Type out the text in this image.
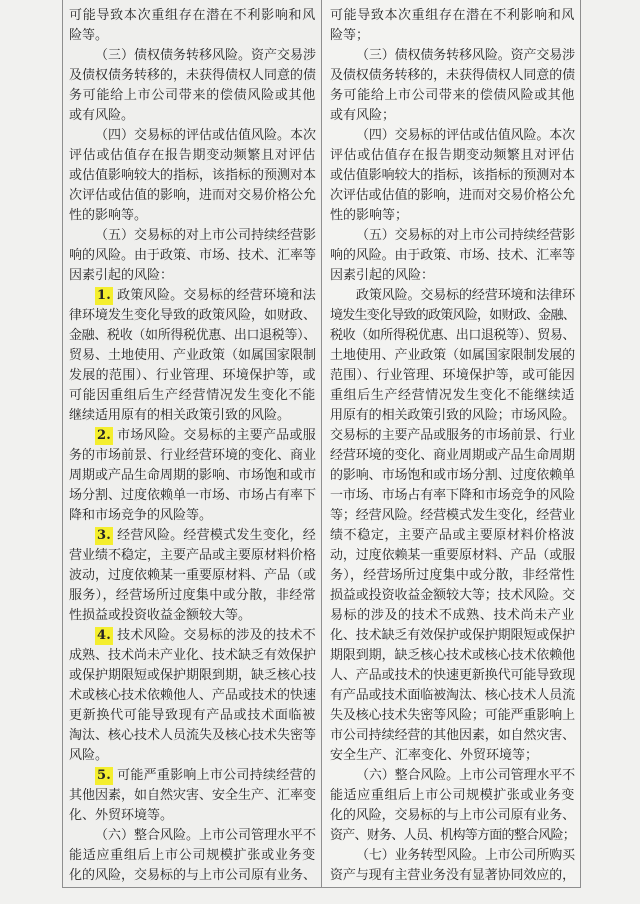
可能导致本次重组存在潜在不利影响和风
险等。
（三）债权债务转移风险。资产交易涉
及债权债务转移的，未获得债权人同意的债
务可能给上市公司带来的偿债风险或其他
或有风险。
（四）交易标的评估或估值风险。本次
评估或估值存在报告期变动频繁且对评估
或估值影响较大的指标，该指标的预测对本
次评估或估值的影响，进而对交易价格公允
性的影响等。
（五）交易标的对上市公司持续经营影
响的风险。由于政策、市场、技术、汇率等
因素引起的风险：
1. 政策风险。交易标的经营环境和法
律环境发生变化导致的政策风险，如财政、
金融、税收（如所得税优惠、出口退税等）、
贸易、土地使用、产业政策（如属国家限制
发展的范围）、行业管理、环境保护等，或
可能因重组后生产经营情况发生变化不能
继续适用原有的相关政策引致的风险。
2. 市场风险。交易标的主要产品或服
务的市场前景、行业经营环境的变化、商业
周期或产品生命周期的影响、市场饱和或市
场分割、过度依赖单一市场、市场占有率下
降和市场竞争的风险等。
3. 经营风险。经营模式发生变化，经
营业绩不稳定，主要产品或主要原材料价格
波动，过度依赖某一重要原材料、产品（或
服务），经营场所过度集中或分散，非经常
性损益或投资收益金额较大等。
4. 技术风险。交易标的涉及的技术不
成熟、技术尚未产业化、技术缺乏有效保护
或保护期限短或保护期限到期，缺乏核心技
术或核心技术依赖他人、产品或技术的快速
更新换代可能导致现有产品或技术面临被
淘汰、核心技术人员流失及核心技术失密等
风险。
5. 可能严重影响上市公司持续经营的
其他因素，如自然灾害、安全生产、汇率变
化、外贸环境等。
（六）整合风险。上市公司管理水平不
能适应重组后上市公司规模扩张或业务变
化的风险，交易标的与上市公司原有业务、
可能导致本次重组存在潜在不利影响和风
险等；
（三）债权债务转移风险。资产交易涉
及债权债务转移的，未获得债权人同意的债
务可能给上市公司带来的偿债风险或其他
或有风险；
（四）交易标的评估或估值风险。本次
评估或估值存在报告期变动频繁且对评估
或估值影响较大的指标，该指标的预测对本
次评估或估值的影响，进而对交易价格公允
性的影响等；
（五）交易标的对上市公司持续经营影
响的风险。由于政策、市场、技术、汇率等
因素引起的风险：
政策风险。交易标的经营环境和法律环
境发生变化导致的政策风险，如财政、金融、
税收（如所得税优惠、出口退税等）、贸易、
土地使用、产业政策（如属国家限制发展的
范围）、行业管理、环境保护等，或可能因
重组后生产经营情况发生变化不能继续适
用原有的相关政策引致的风险；市场风险。
交易标的主要产品或服务的市场前景、行业
经营环境的变化、商业周期或产品生命周期
的影响、市场饱和或市场分割、过度依赖单
一市场、市场占有率下降和市场竞争的风险
等；经营风险。经营模式发生变化，经营业
绩不稳定，主要产品或主要原材料价格波
动，过度依赖某一重要原材料、产品（或服
务），经营场所过度集中或分散，非经常性
损益或投资收益金额较大等；技术风险。交
易标的涉及的技术不成熟、技术尚未产业
化、技术缺乏有效保护或保护期限短或保护
期限到期，缺乏核心技术或核心技术依赖他
人、产品或技术的快速更新换代可能导致现
有产品或技术面临被淘汰、核心技术人员流
失及核心技术失密等风险；可能严重影响上
市公司持续经营的其他因素，如自然灾害、
安全生产、汇率变化、外贸环境等；
（六）整合风险。上市公司管理水平不
能适应重组后上市公司规模扩张或业务变
化的风险，交易标的与上市公司原有业务、
资产、财务、人员、机构等方面的整合风险；
（七）业务转型风险。上市公司所购买
资产与现有主营业务没有显著协同效应的，
